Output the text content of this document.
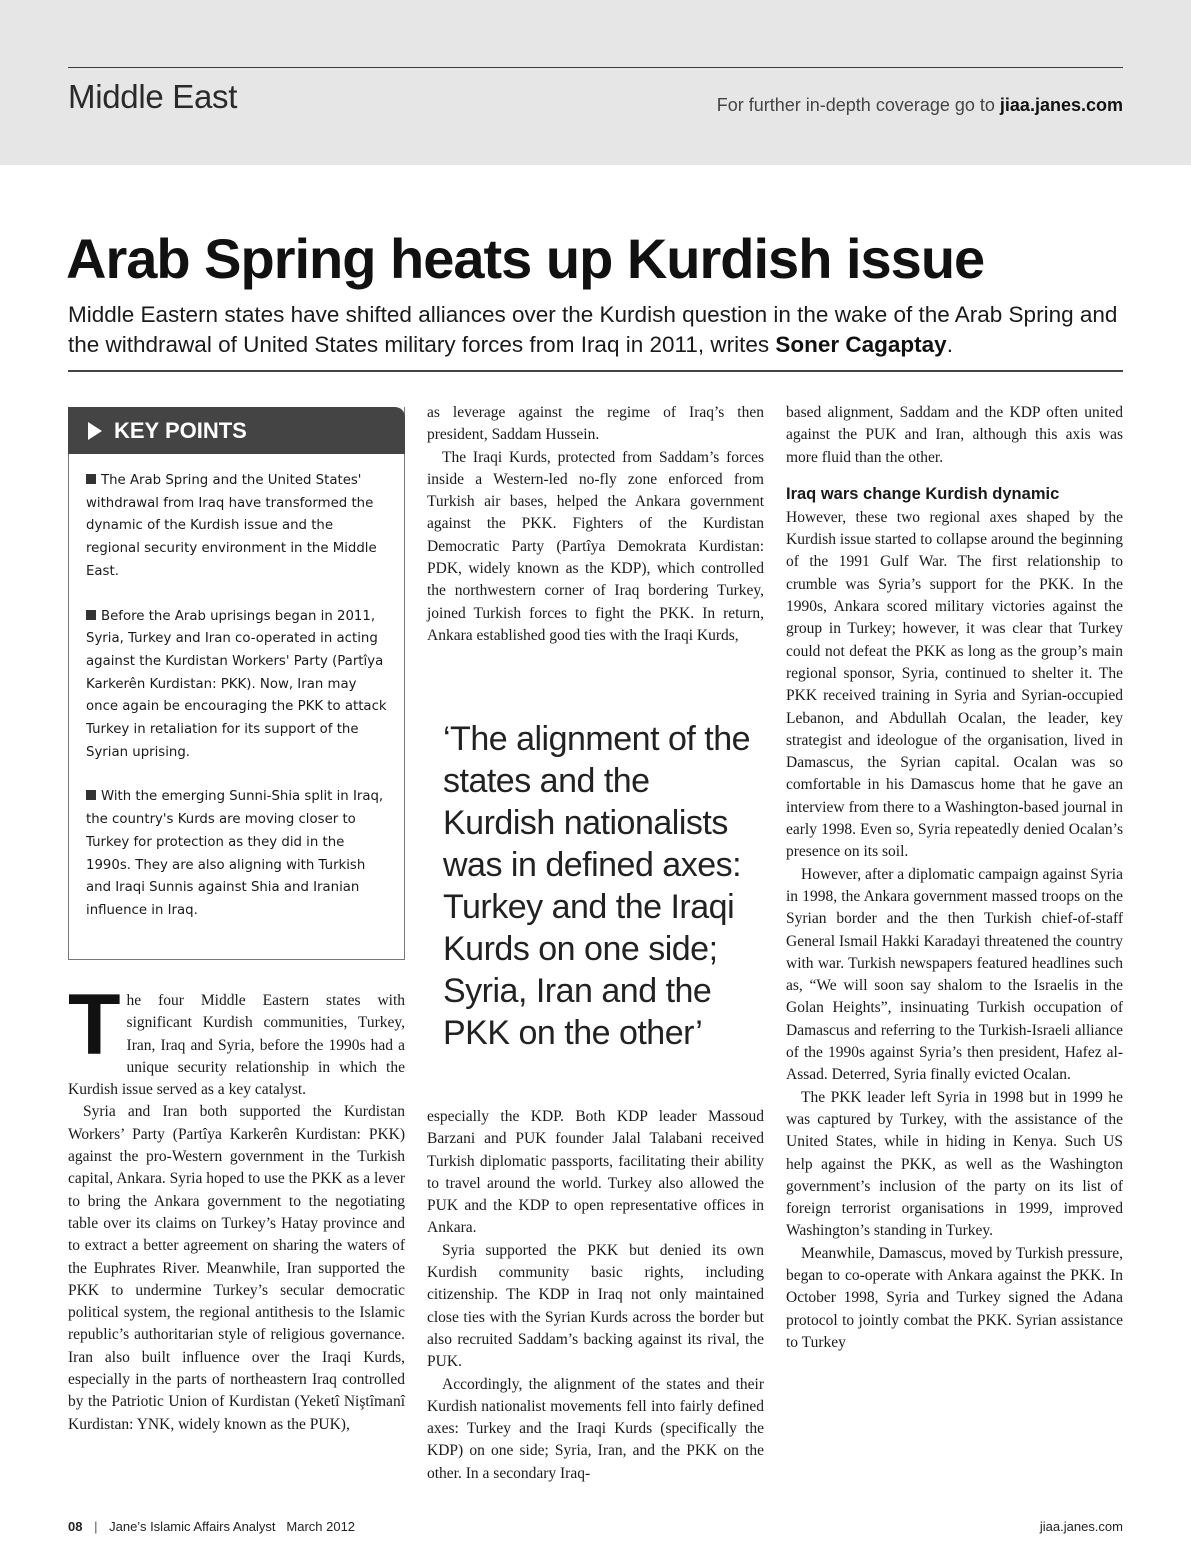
Middle East	For further in-depth coverage go to jiaa.janes.com
Arab Spring heats up Kurdish issue
Middle Eastern states have shifted alliances over the Kurdish question in the wake of the Arab Spring and the withdrawal of United States military forces from Iraq in 2011, writes Soner Cagaptay.
KEY POINTS

The Arab Spring and the United States' withdrawal from Iraq have transformed the dynamic of the Kurdish issue and the regional security environment in the Middle East.

Before the Arab uprisings began in 2011, Syria, Turkey and Iran co-operated in acting against the Kurdistan Workers' Party (Partîya Karkerên Kurdistan: PKK). Now, Iran may once again be encouraging the PKK to attack Turkey in retaliation for its support of the Syrian uprising.

With the emerging Sunni-Shia split in Iraq, the country's Kurds are moving closer to Turkey for protection as they did in the 1990s. They are also aligning with Turkish and Iraqi Sunnis against Shia and Iranian influence in Iraq.

The four Middle Eastern states with significant Kurdish communities, Turkey, Iran, Iraq and Syria, before the 1990s had a unique security relationship in which the Kurdish issue served as a key catalyst.

Syria and Iran both supported the Kurdistan Workers’ Party (Partîya Karkerên Kurdistan: PKK) against the pro-Western government in the Turkish capital, Ankara. Syria hoped to use the PKK as a lever to bring the Ankara government to the negotiating table over its claims on Turkey’s Hatay province and to extract a better agreement on sharing the waters of the Euphrates River. Meanwhile, Iran supported the PKK to undermine Turkey’s secular democratic political system, the regional antithesis to the Islamic republic’s authoritarian style of religious governance. Iran also built influence over the Iraqi Kurds, especially in the parts of northeastern Iraq controlled by the Patriotic Union of Kurdistan (Yeketî Niştîmanî Kurdistan: YNK, widely known as the PUK),

as leverage against the regime of Iraq’s then president, Saddam Hussein.

The Iraqi Kurds, protected from Saddam’s forces inside a Western-led no-fly zone enforced from Turkish air bases, helped the Ankara government against the PKK. Fighters of the Kurdistan Democratic Party (Partîya Demokrata Kurdistan: PDK, widely known as the KDP), which controlled the northwestern corner of Iraq bordering Turkey, joined Turkish forces to fight the PKK. In return, Ankara established good ties with the Iraqi Kurds,

‘The alignment of the states and the Kurdish nationalists was in defined axes: Turkey and the Iraqi Kurds on one side; Syria, Iran and the PKK on the other’

especially the KDP. Both KDP leader Massoud Barzani and PUK founder Jalal Talabani received Turkish diplomatic passports, facilitating their ability to travel around the world. Turkey also allowed the PUK and the KDP to open representative offices in Ankara.

Syria supported the PKK but denied its own Kurdish community basic rights, including citizenship. The KDP in Iraq not only maintained close ties with the Syrian Kurds across the border but also recruited Saddam’s backing against its rival, the PUK.

Accordingly, the alignment of the states and their Kurdish nationalist movements fell into fairly defined axes: Turkey and the Iraqi Kurds (specifically the KDP) on one side; Syria, Iran, and the PKK on the other. In a secondary Iraq-

based alignment, Saddam and the KDP often united against the PUK and Iran, although this axis was more fluid than the other.

Iraq wars change Kurdish dynamic

However, these two regional axes shaped by the Kurdish issue started to collapse around the beginning of the 1991 Gulf War. The first relationship to crumble was Syria’s support for the PKK. In the 1990s, Ankara scored military victories against the group in Turkey; however, it was clear that Turkey could not defeat the PKK as long as the group’s main regional sponsor, Syria, continued to shelter it. The PKK received training in Syria and Syrian-occupied Lebanon, and Abdullah Ocalan, the leader, key strategist and ideologue of the organisation, lived in Damascus, the Syrian capital. Ocalan was so comfortable in his Damascus home that he gave an interview from there to a Washington-based journal in early 1998. Even so, Syria repeatedly denied Ocalan’s presence on its soil.

However, after a diplomatic campaign against Syria in 1998, the Ankara government massed troops on the Syrian border and the then Turkish chief-of-staff General Ismail Hakki Karadayi threatened the country with war. Turkish newspapers featured headlines such as, “We will soon say shalom to the Israelis in the Golan Heights”, insinuating Turkish occupation of Damascus and referring to the Turkish-Israeli alliance of the 1990s against Syria’s then president, Hafez al-Assad. Deterred, Syria finally evicted Ocalan.

The PKK leader left Syria in 1998 but in 1999 he was captured by Turkey, with the assistance of the United States, while in hiding in Kenya. Such US help against the PKK, as well as the Washington government’s inclusion of the party on its list of foreign terrorist organisations in 1999, improved Washington’s standing in Turkey.

Meanwhile, Damascus, moved by Turkish pressure, began to co-operate with Ankara against the PKK. In October 1998, Syria and Turkey signed the Adana protocol to jointly combat the PKK. Syrian assistance to Turkey

08 | Jane’s Islamic Affairs Analyst March 2012	jiaa.janes.com
